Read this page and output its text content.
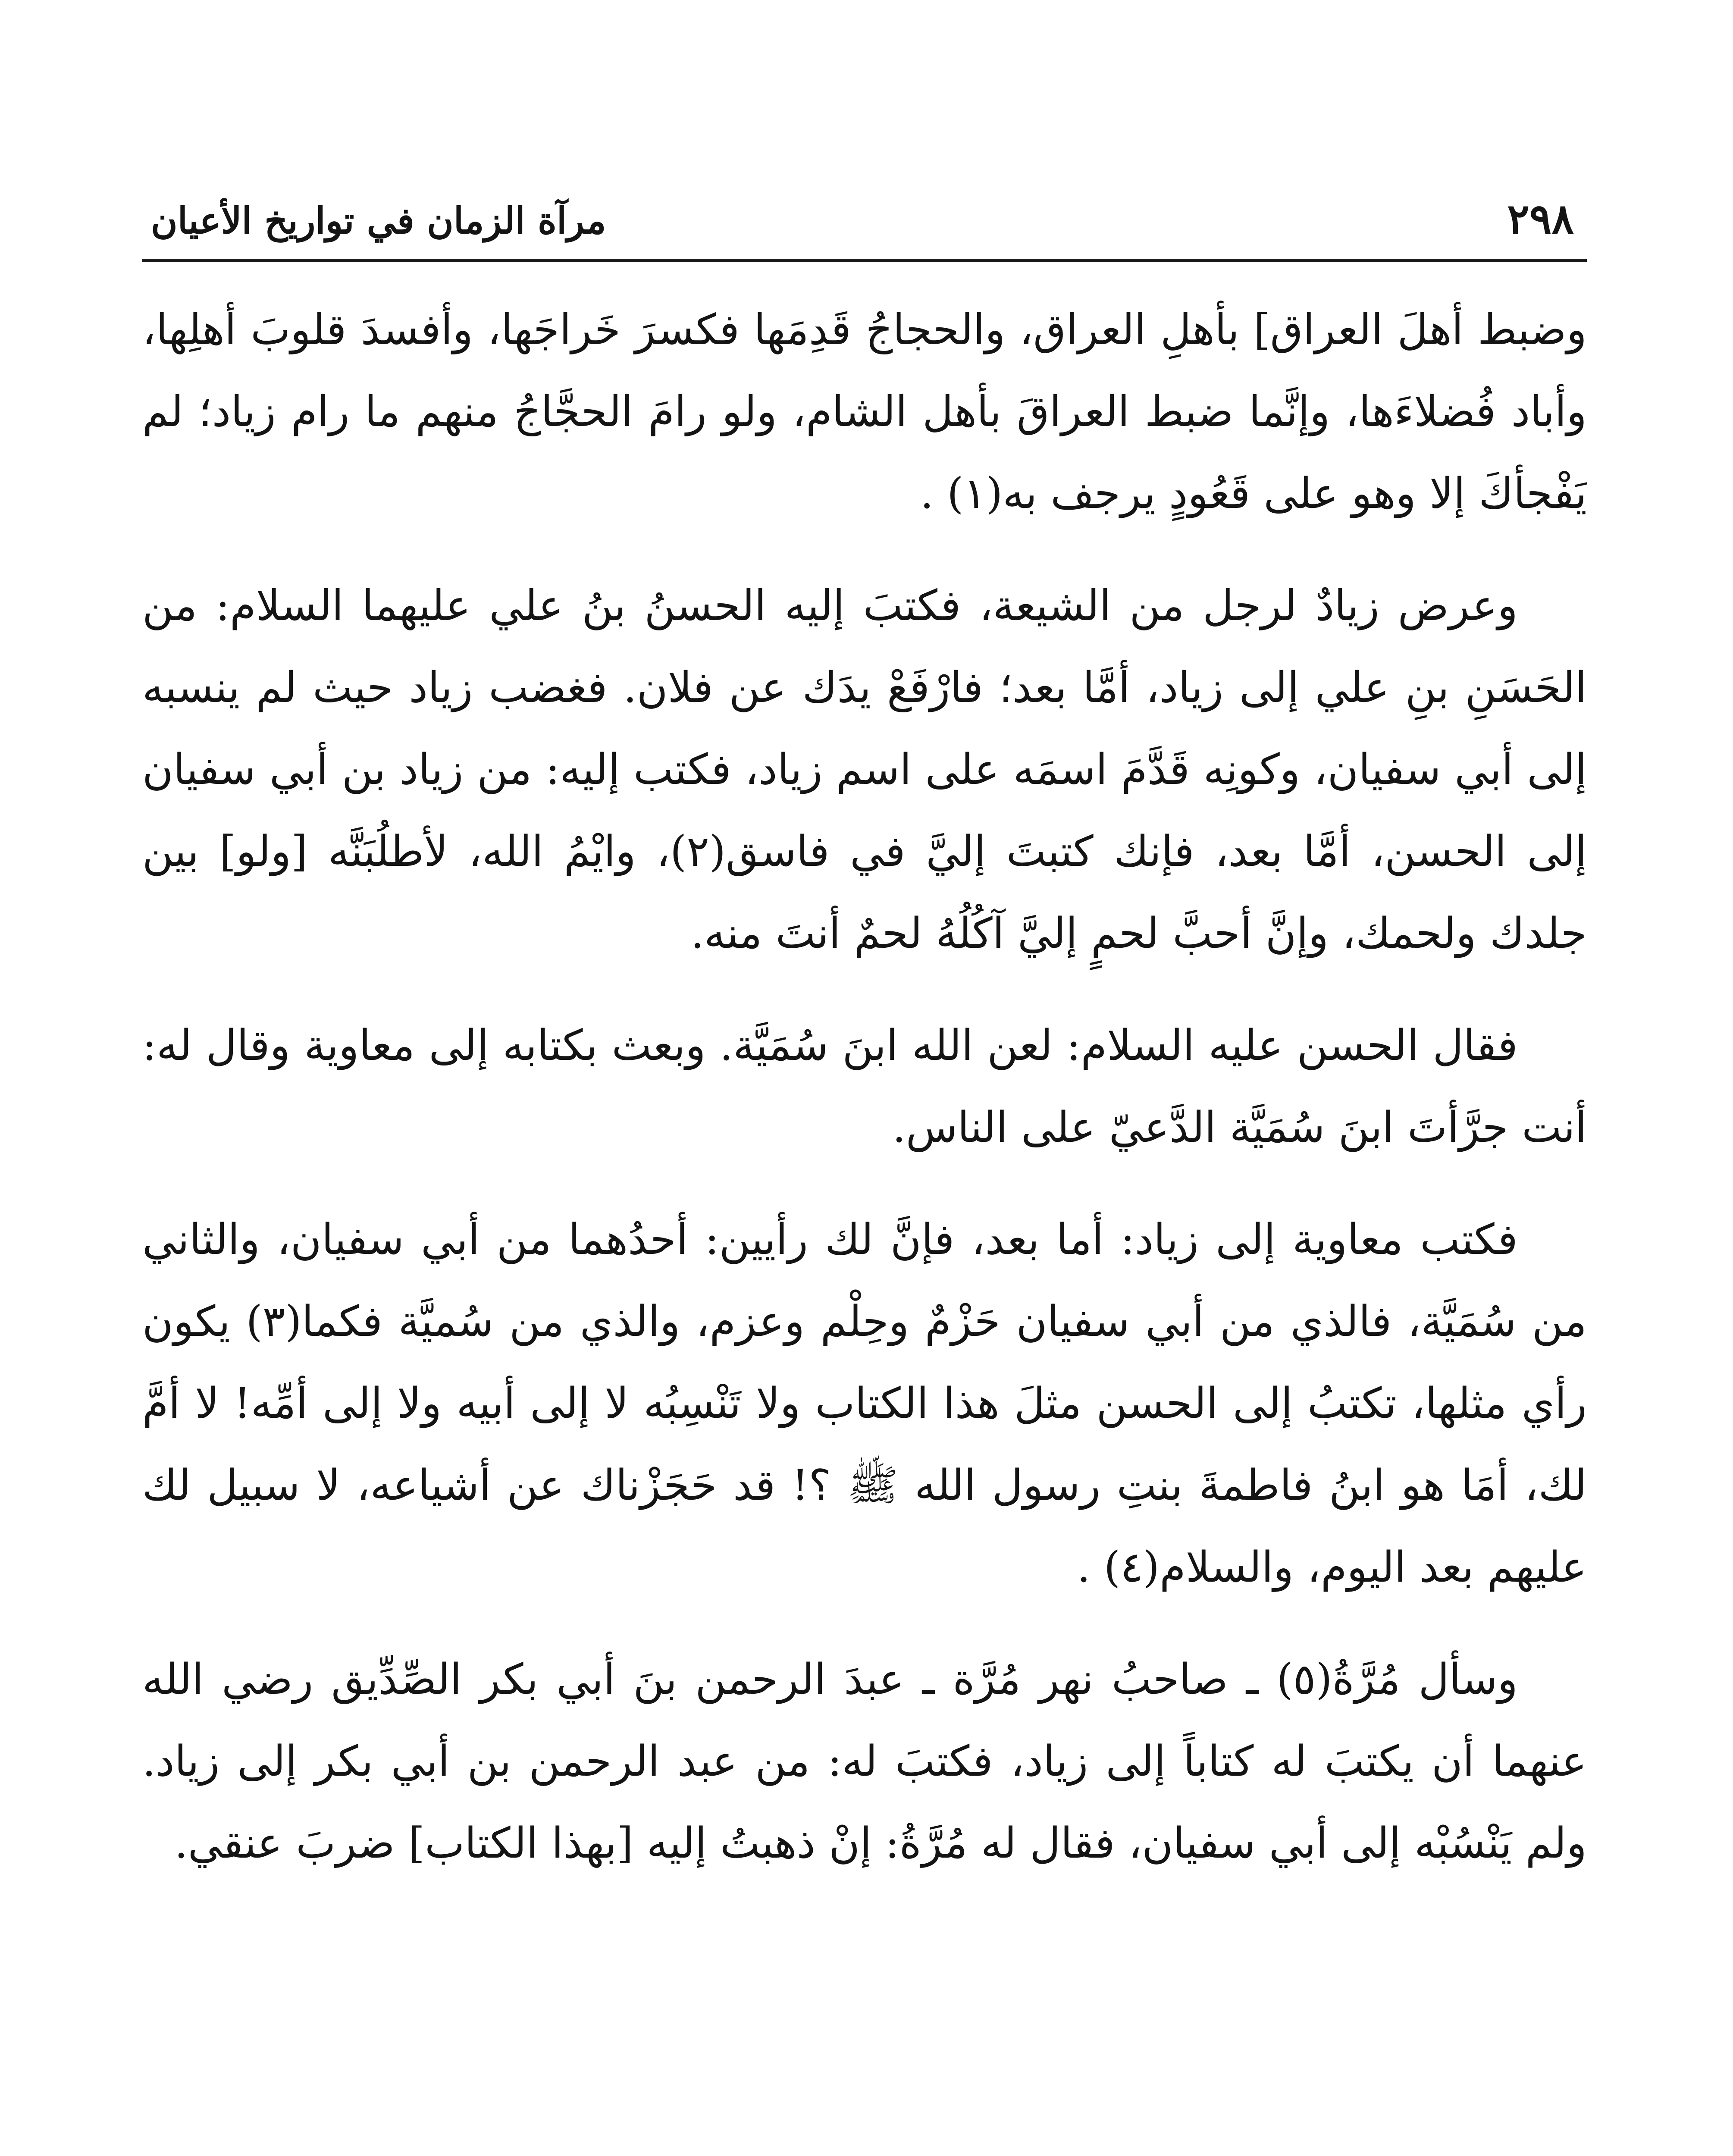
٢٩٨
مرآة الزمان في تواريخ الأعيان

وضبط أهلَ العراق] بأهلِ العراق، والحجاجُ قَدِمَها فكسرَ خَراجَها، وأفسدَ قلوبَ أهلِها، وأباد فُضلاءَها، وإنَّما ضبط العراقَ بأهل الشام، ولو رامَ الحجَّاجُ منهم ما رام زياد؛ لم يَفْجأكَ إلا وهو على قَعُودٍ يرجف به(١) .

وعرض زيادٌ لرجل من الشيعة، فكتبَ إليه الحسنُ بنُ علي عليهما السلام: من الحَسَنِ بنِ علي إلى زياد، أمَّا بعد؛ فارْفَعْ يدَك عن فلان. فغضب زياد حيث لم ينسبه إلى أبي سفيان، وكونِه قَدَّمَ اسمَه على اسم زياد، فكتب إليه: من زياد بن أبي سفيان إلى الحسن، أمَّا بعد، فإنك كتبتَ إليَّ في فاسق(٢)، وايْمُ الله، لأطلُبَنَّه [ولو] بين جلدك ولحمك، وإنَّ أحبَّ لحمٍ إليَّ آكُلُهُ لحمٌ أنتَ منه.

فقال الحسن عليه السلام: لعن الله ابنَ سُمَيَّة. وبعث بكتابه إلى معاوية وقال له: أنت جرَّأتَ ابنَ سُمَيَّة الدَّعيّ على الناس.

فكتب معاوية إلى زياد: أما بعد، فإنَّ لك رأيين: أحدُهما من أبي سفيان، والثاني من سُمَيَّة، فالذي من أبي سفيان حَزْمٌ وحِلْم وعزم، والذي من سُميَّة فكما(٣) يكون رأي مثلها، تكتبُ إلى الحسن مثلَ هذا الكتاب ولا تَنْسِبُه لا إلى أبيه ولا إلى أمِّه! لا أمَّ لك، أمَا هو ابنُ فاطمةَ بنتِ رسول الله ﷺ ؟! قد حَجَزْناك عن أشياعه، لا سبيل لك عليهم بعد اليوم، والسلام(٤) .

وسأل مُرَّةُ(٥) ـ صاحبُ نهر مُرَّة ـ عبدَ الرحمن بنَ أبي بكر الصِّدِّيق رضي الله عنهما أن يكتبَ له كتاباً إلى زياد، فكتبَ له: من عبد الرحمن بن أبي بكر إلى زياد. ولم يَنْسُبْه إلى أبي سفيان، فقال له مُرَّةُ: إنْ ذهبتُ إليه [بهذا الكتاب] ضربَ عنقي.
